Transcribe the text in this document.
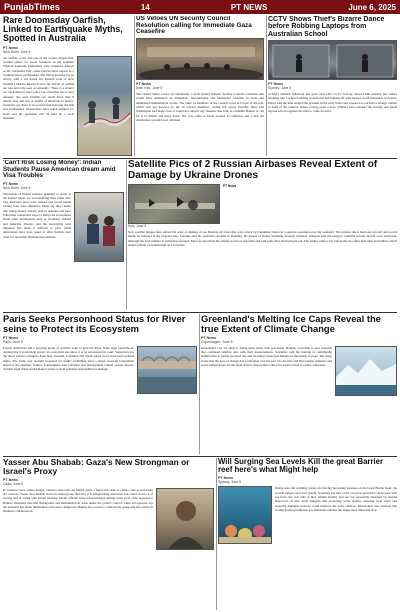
PunjabTimes	14	PT NEWS	June 6, 2025
Rare Doomsday Oarfish, Linked to Earthquake Myths, Spotted in Australia
PT News
New Delhi, June 5
An oarfish, a rare and one of the ocean's largest fish, washed ashore for Great Southern, in the southern Western Australia. Fishermen, were surprised. Known as the 'doomsday fish', some believe these appear as a warning before earthquakes. The fish is described to be silvery with a red dorsal fin. Kristen Cole of New Zealand's Marine Research said, the arrival of oarfish are rare and only seen occasionally. 'There is a chance we catch them in deep water, but a beached one is very unusual,' she said. Oarfish can reach more than 8 metres long and live at depths of hundreds of metres. Scientists say there is no proven link between the fish and earthquakes. Researchers have taken samples for study and the specimen will be held by a local museum.
US Vetoes UN Security Council Resolution calling for Immediate Gaza Ceasefire
PT News
New York, June 5
The United States vetoed on Wednesday a draft United Nations Security Council resolution that would have demanded an immediate, unconditional and permanent ceasefire in Gaza and unhindered humanitarian access. The other 14 members of the council voted in favour of the text, which was put forward by the 10 elected members. Acting US envoy Dorothy Shea said Washington had made clear it would not support any measure that fails to condemn Hamas or call for it to disarm and leave Gaza. The vote came as Israel pressed its offensive and a new aid distribution system faced criticism.
CCTV Shows Thief's Bizarre Dance before Robbing Laptops from Australian School
PT News
Sydney, June 5
A thief's unusual behaviour has gone viral after CCTV footage showed him dancing just before breaking into a school building in Australia and making off with laptops worth thousands of dollars. Police said the man entered the grounds in the early hours and appeared to perform a strange routine in front of the cameras before forcing open a door. Officers have released the footage and asked anyone who recognises the man to come forward.
'Can't Risk Losing Money': Indian Students Pause American dream amid Visa Troubles
PT News
New Delhi, June 5
Thousands of Indian students planning to study in the United States are reconsidering their plans after visa interview slots were paused and social media vetting rules were tightened. Many say they cannot risk losing money already paid in deposits and fees. Education consultants report a sharp rise in enquiries about other destinations such as Germany, Ireland and Australia. Parents said the uncertainty over timelines has made it difficult to plan, while universities have been asked to offer flexible start dates for incoming international students.
Satellite Pics of 2 Russian Airbases Reveal Extent of Damage by Ukraine Drones
PT News
Kyiv, June 5
New satellite images have shown the scale of damage at two Russian air bases that were struck by Ukrainian drones in a surprise operation over the weekend. The pictures show burnt-out aircraft and scorch marks on runways at the targeted sites. Ukraine said the operation, months in planning, hit dozens of planes including strategic bombers. Analysts said the imagery confirms several aircraft were destroyed, although the total number is still being assessed. Moscow described the attacks as acts of terrorism and said some fires had been put out. The strikes came a day before the two sides held talks in Istanbul, which ended without a breakthrough on a ceasefire.
Paris Seeks Personhood Status for River seine to Protect its Ecosystem
PT News
Paris, June 5
French authorities and a growing group of activists want to give the River Seine legal personhood, arguing that it would help protect its ecosystem and allow it to be represented in court. Supporters say the move follows examples from New Zealand, Colombia and Spain where rivers have been granted rights. The Seine was recently reopened for public swimming after a major clean-up programme ahead of the Olympic Games. Campaigners said pollution and development remain serious threats, and that legal status would make it easier to hold polluters responsible for damage.
Greenland's Melting Ice Caps Reveal the true Extent of Climate Change
PT News
Copenhagen, June 5
Greenland's vast ice sheet is losing mass faster than previously thought, according to new research that combined satellite data with field measurements. Scientists said the melting is contributing significantly to global sea-level rise and revealing landscapes hidden for thousands of years. The study warns that the pace of change has accelerated over the past two decades and that warmer summers and ocean temperatures are the main drivers. Researchers called for urgent action to reduce emissions.
Yasser Abu Shabab: Gaza's New Strongman or Israel's Proxy
PT News
Gaza, June 5
In southern Gaza, where hunger, violence and order are falling apart, a figure has risen to claim a role in protecting aid convoys. Yasser Abu Shabab leads an armed group that says it is safeguarding deliveries, but critics accuse it of looting and of acting with Israeli backing. Israeli officials have acknowledged arming some local clans opposed to Hamas. Residents describe checkpoints and intimidation in areas under the group's control, while aid agencies say the situation has made distribution even more dangerous. Hamas has vowed to confront the group and has called its members collaborators.
Will Surging Sea Levels Kill the great Barrier reef here's what Might help
PT News
Sydney, June 5
Rising seas and warming waters are placing increasing pressure on the Great Barrier Reef, the world's largest coral reef system. Scientists say that corals can grow upwards to keep pace with sea-level rise, but only if they remain healthy and are not repeatedly bleached by marine heatwaves. A new study suggests that protecting water quality, reducing local stress and restoring damaged sections could improve the reef's chances. Researchers also stressed that cutting global greenhouse gas emissions remains the single most important step.
